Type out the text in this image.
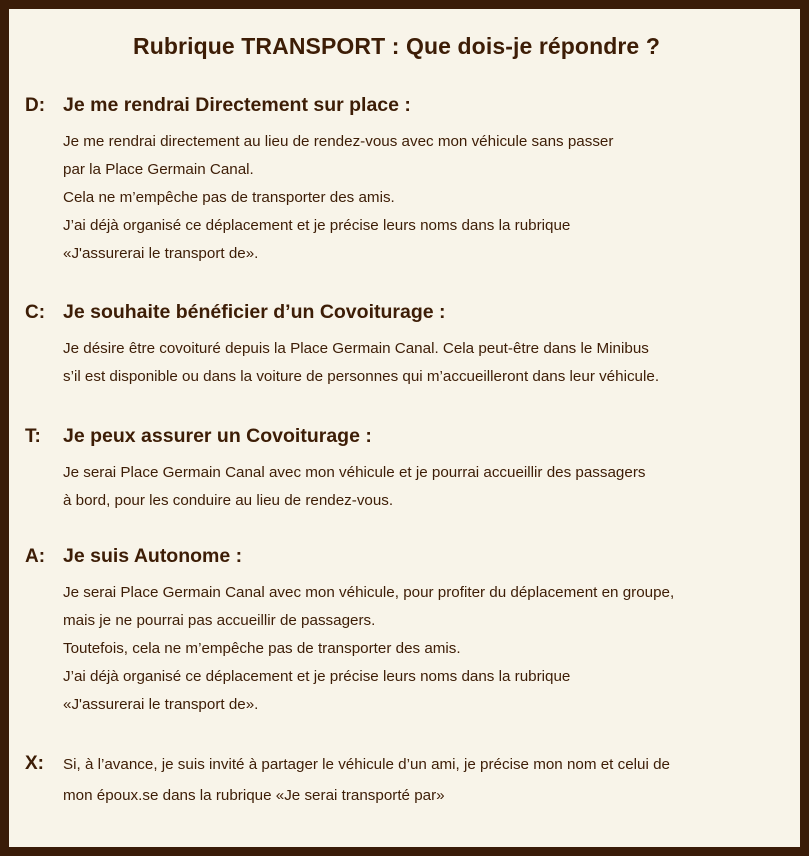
Rubrique TRANSPORT : Que dois-je répondre ?
D: Je me rendrai Directement sur place :
Je me rendrai directement au lieu de rendez-vous avec mon véhicule sans passer
par la Place Germain Canal.
Cela ne m’empêche pas de transporter des amis.
J’ai déjà organisé ce déplacement et je précise leurs noms dans la rubrique
«J'assurerai le transport de».
C: Je souhaite bénéficier d’un Covoiturage :
Je désire être covoituré depuis la Place Germain Canal. Cela peut-être dans le Minibus
s’il est disponible ou dans la voiture de personnes qui m’accueilleront dans leur véhicule.
T: Je peux assurer un Covoiturage :
Je serai Place Germain Canal avec mon véhicule et je pourrai accueillir des passagers
à bord, pour les conduire au lieu de rendez-vous.
A: Je suis Autonome :
Je serai Place Germain Canal avec mon véhicule, pour profiter du déplacement en groupe,
mais je ne pourrai pas accueillir de passagers.
Toutefois, cela ne m’empêche pas de transporter des amis.
J’ai déjà organisé ce déplacement et je précise leurs noms dans la rubrique
«J'assurerai le transport de».
X: Si, à l’avance, je suis invité à partager le véhicule d’un ami, je précise mon nom et celui de
mon époux.se dans la rubrique «Je serai transporté par»
